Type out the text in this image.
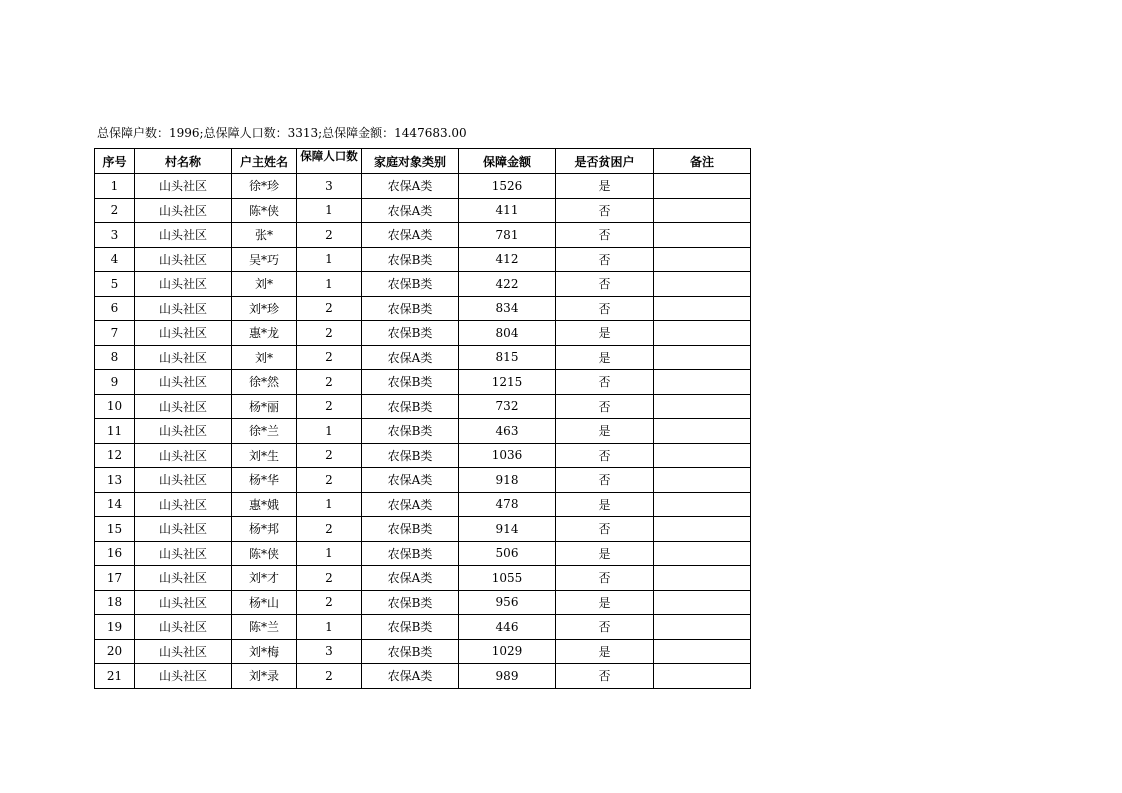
总保障户数：1996;总保障人口数：3313;总保障金额：1447683.00
序号	村名称	户主姓名	保障人口数	家庭对象类别	保障金额	是否贫困户	备注
1	山头社区	徐*珍	3	农保A类	1526	是	
2	山头社区	陈*侠	1	农保A类	411	否	
3	山头社区	张*	2	农保A类	781	否	
4	山头社区	吴*巧	1	农保B类	412	否	
5	山头社区	刘*	1	农保B类	422	否	
6	山头社区	刘*珍	2	农保B类	834	否	
7	山头社区	惠*龙	2	农保B类	804	是	
8	山头社区	刘*	2	农保A类	815	是	
9	山头社区	徐*然	2	农保B类	1215	否	
10	山头社区	杨*丽	2	农保B类	732	否	
11	山头社区	徐*兰	1	农保B类	463	是	
12	山头社区	刘*生	2	农保B类	1036	否	
13	山头社区	杨*华	2	农保A类	918	否	
14	山头社区	惠*娥	1	农保A类	478	是	
15	山头社区	杨*邦	2	农保B类	914	否	
16	山头社区	陈*侠	1	农保B类	506	是	
17	山头社区	刘*才	2	农保A类	1055	否	
18	山头社区	杨*山	2	农保B类	956	是	
19	山头社区	陈*兰	1	农保B类	446	否	
20	山头社区	刘*梅	3	农保B类	1029	是	
21	山头社区	刘*录	2	农保A类	989	否	
